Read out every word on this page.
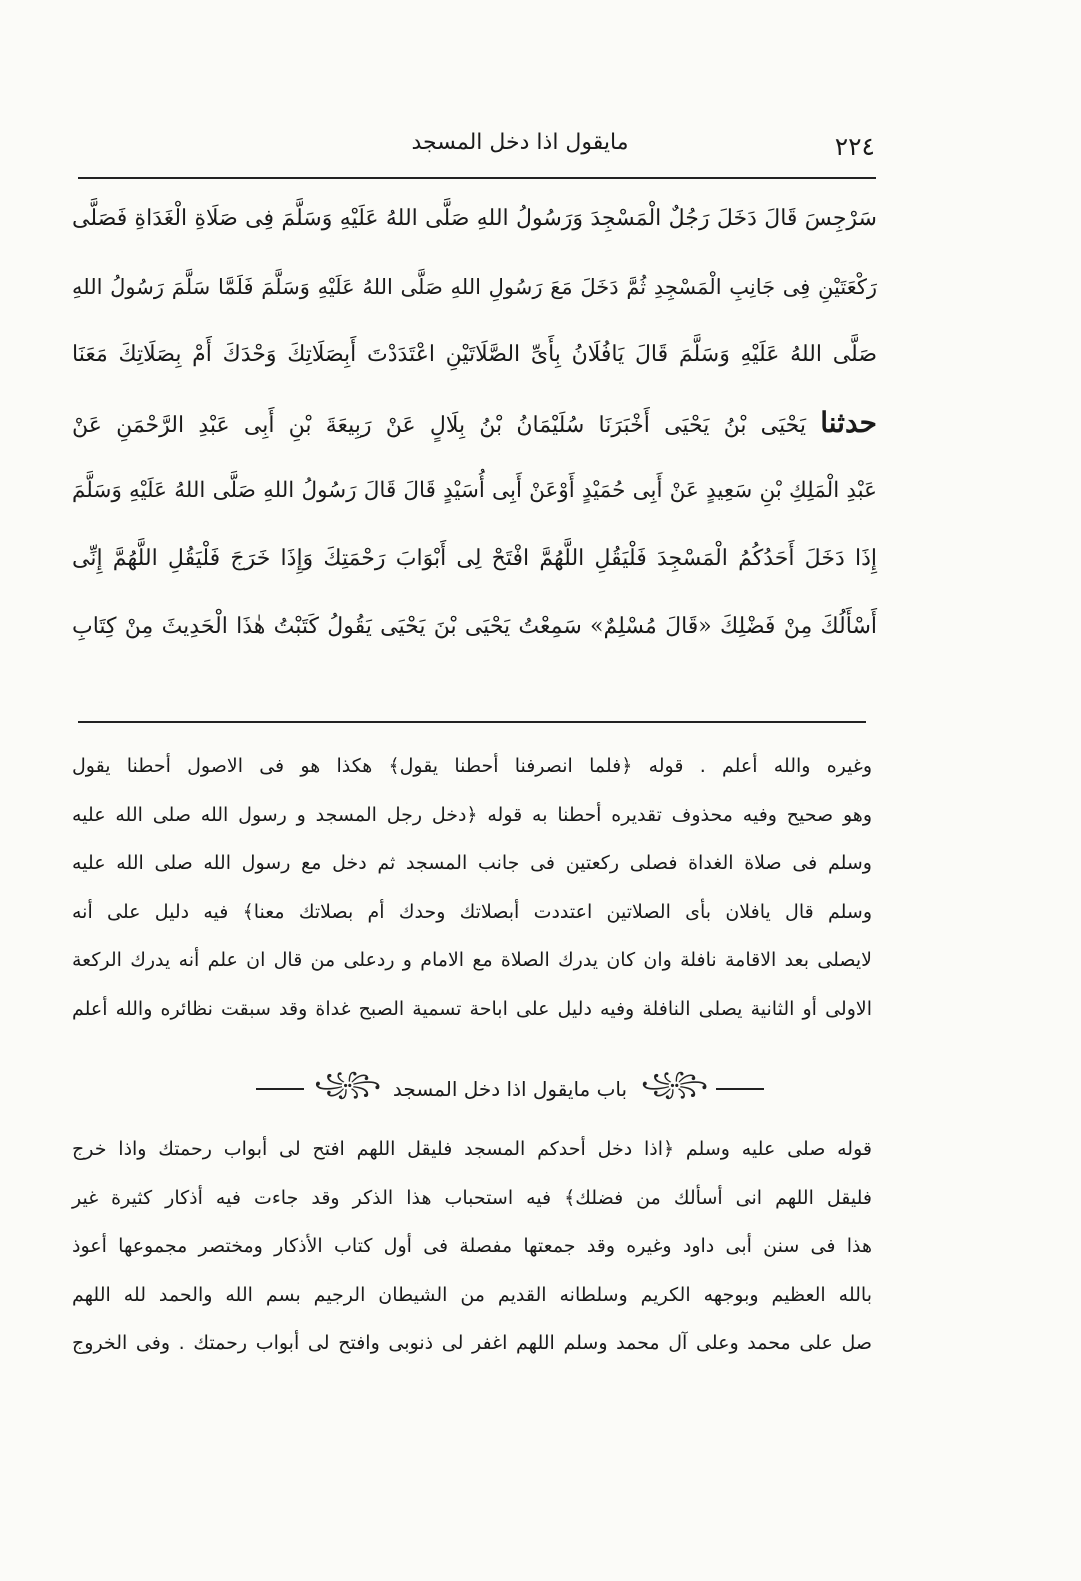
٢٢٤
مايقول اذا دخل المسجد
سَرْجِسَ قَالَ دَخَلَ رَجُلٌ الْمَسْجِدَ وَرَسُولُ اللهِ صَلَّى اللهُ عَلَيْهِ وَسَلَّمَ فِى صَلَاةِ الْغَدَاةِ فَصَلَّى
رَكْعَتَيْنِ فِى جَانِبِ الْمَسْجِدِ ثُمَّ دَخَلَ مَعَ رَسُولِ اللهِ صَلَّى اللهُ عَلَيْهِ وَسَلَّمَ فَلَمَّا سَلَّمَ رَسُولُ اللهِ
صَلَّى اللهُ عَلَيْهِ وَسَلَّمَ قَالَ يَافُلَانُ بِأَىِّ الصَّلَاتَيْنِ اعْتَدَدْتَ أَبِصَلَاتِكَ وَحْدَكَ أَمْ بِصَلَاتِكَ مَعَنَا
حدثنا يَحْيَى بْنُ يَحْيَى أَخْبَرَنَا سُلَيْمَانُ بْنُ بِلَالٍ عَنْ رَبِيعَةَ بْنِ أَبِى عَبْدِ الرَّحْمَنِ عَنْ
عَبْدِ الْمَلِكِ بْنِ سَعِيدٍ عَنْ أَبِى حُمَيْدٍ أَوْعَنْ أَبِى أُسَيْدٍ قَالَ قَالَ رَسُولُ اللهِ صَلَّى اللهُ عَلَيْهِ وَسَلَّمَ
إِذَا دَخَلَ أَحَدُكُمُ الْمَسْجِدَ فَلْيَقُلِ اللَّهُمَّ افْتَحْ لِى أَبْوَابَ رَحْمَتِكَ وَإِذَا خَرَجَ فَلْيَقُلِ اللَّهُمَّ إِنِّى
أَسْأَلُكَ مِنْ فَضْلِكَ «قَالَ مُسْلِمٌ» سَمِعْتُ يَحْيَى بْنَ يَحْيَى يَقُولُ كَتَبْتُ هٰذَا الْحَدِيثَ مِنْ كِتَابِ
وغيره والله أعلم . قوله ﴿فلما انصرفنا أحطنا يقول﴾ هكذا هو فى الاصول أحطنا يقول
وهو صحيح وفيه محذوف تقديره أحطنا به قوله ﴿دخل رجل المسجد و رسول الله صلى الله عليه
وسلم فى صلاة الغداة فصلى ركعتين فى جانب المسجد ثم دخل مع رسول الله صلى الله عليه
وسلم قال يافلان بأى الصلاتين اعتددت أبصلاتك وحدك أم بصلاتك معنا﴾ فيه دليل على أنه
لايصلى بعد الاقامة نافلة وان كان يدرك الصلاة مع الامام و ردعلى من قال ان علم أنه يدرك الركعة
الاولى أو الثانية يصلى النافلة وفيه دليل على اباحة تسمية الصبح غداة وقد سبقت نظائره والله أعلم
꧁꧂
باب مايقول اذا دخل المسجد
꧁꧂
قوله صلى عليه وسلم ﴿اذا دخل أحدكم المسجد فليقل اللهم افتح لى أبواب رحمتك واذا خرج
فليقل اللهم انى أسألك من فضلك﴾ فيه استحباب هذا الذكر وقد جاءت فيه أذكار كثيرة غير
هذا فى سنن أبى داود وغيره وقد جمعتها مفصلة فى أول كتاب الأذكار ومختصر مجموعها أعوذ
بالله العظيم وبوجهه الكريم وسلطانه القديم من الشيطان الرجيم بسم الله والحمد لله اللهم
صل على محمد وعلى آل محمد وسلم اللهم اغفر لى ذنوبى وافتح لى أبواب رحمتك . وفى الخروج
